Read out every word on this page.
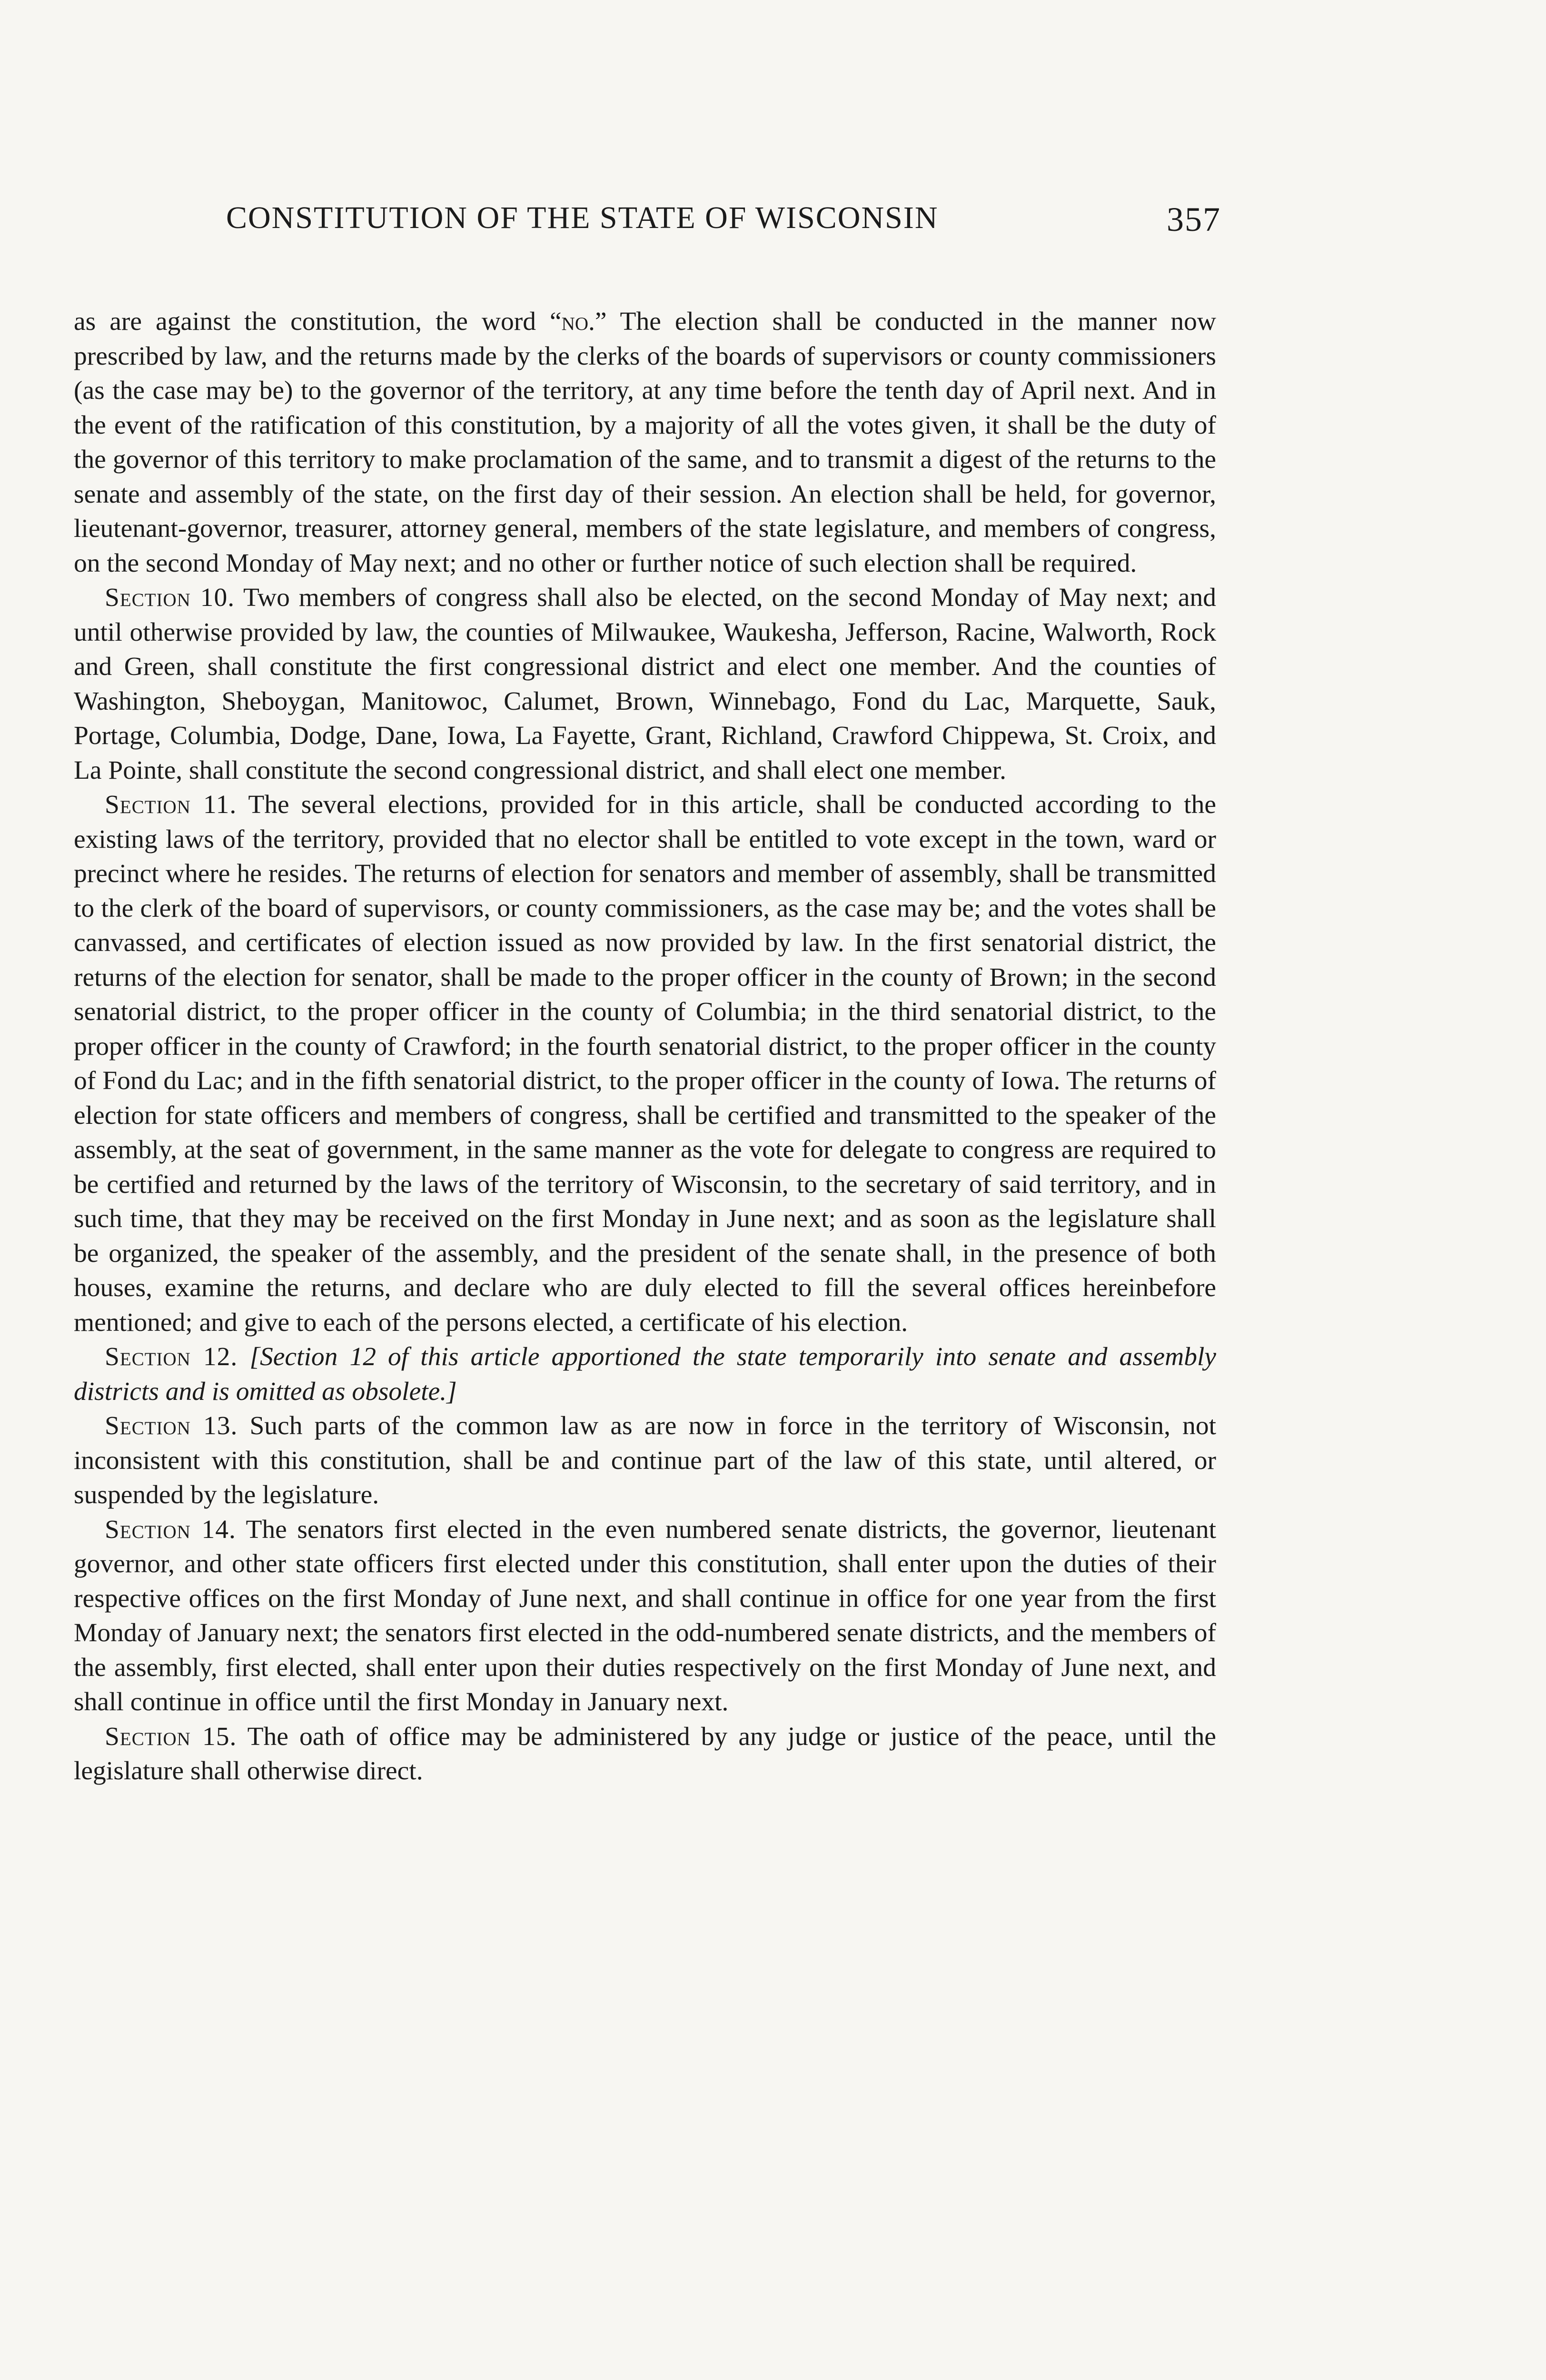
CONSTITUTION OF THE STATE OF WISCONSIN	357

as are against the constitution, the word “no.” The election shall be conducted in the manner now prescribed by law, and the returns made by the clerks of the boards of supervisors or county commissioners (as the case may be) to the governor of the territory, at any time before the tenth day of April next. And in the event of the ratification of this constitution, by a majority of all the votes given, it shall be the duty of the governor of this territory to make proclamation of the same, and to transmit a digest of the returns to the senate and assembly of the state, on the first day of their session. An election shall be held, for governor, lieutenant-governor, treasurer, attorney general, members of the state legislature, and members of congress, on the second Monday of May next; and no other or further notice of such election shall be required.

Section 10. Two members of congress shall also be elected, on the second Monday of May next; and until otherwise provided by law, the counties of Milwaukee, Waukesha, Jefferson, Racine, Walworth, Rock and Green, shall constitute the first congressional district and elect one member. And the counties of Washington, Sheboygan, Manitowoc, Calumet, Brown, Winnebago, Fond du Lac, Marquette, Sauk, Portage, Columbia, Dodge, Dane, Iowa, La Fayette, Grant, Richland, Crawford Chippewa, St. Croix, and La Pointe, shall constitute the second congressional district, and shall elect one member.

Section 11. The several elections, provided for in this article, shall be conducted according to the existing laws of the territory, provided that no elector shall be entitled to vote except in the town, ward or precinct where he resides. The returns of election for senators and member of assembly, shall be transmitted to the clerk of the board of supervisors, or county commissioners, as the case may be; and the votes shall be canvassed, and certificates of election issued as now provided by law. In the first senatorial district, the returns of the election for senator, shall be made to the proper officer in the county of Brown; in the second senatorial district, to the proper officer in the county of Columbia; in the third senatorial district, to the proper officer in the county of Crawford; in the fourth senatorial district, to the proper officer in the county of Fond du Lac; and in the fifth senatorial district, to the proper officer in the county of Iowa. The returns of election for state officers and members of congress, shall be certified and transmitted to the speaker of the assembly, at the seat of government, in the same manner as the vote for delegate to congress are required to be certified and returned by the laws of the territory of Wisconsin, to the secretary of said territory, and in such time, that they may be received on the first Monday in June next; and as soon as the legislature shall be organized, the speaker of the assembly, and the president of the senate shall, in the presence of both houses, examine the returns, and declare who are duly elected to fill the several offices hereinbefore mentioned; and give to each of the persons elected, a certificate of his election.

Section 12. [Section 12 of this article apportioned the state temporarily into senate and assembly districts and is omitted as obsolete.]

Section 13. Such parts of the common law as are now in force in the territory of Wisconsin, not inconsistent with this constitution, shall be and continue part of the law of this state, until altered, or suspended by the legislature.

Section 14. The senators first elected in the even numbered senate districts, the governor, lieutenant governor, and other state officers first elected under this constitution, shall enter upon the duties of their respective offices on the first Monday of June next, and shall continue in office for one year from the first Monday of January next; the senators first elected in the odd-numbered senate districts, and the members of the assembly, first elected, shall enter upon their duties respectively on the first Monday of June next, and shall continue in office until the first Monday in January next.

Section 15. The oath of office may be administered by any judge or justice of the peace, until the legislature shall otherwise direct.
